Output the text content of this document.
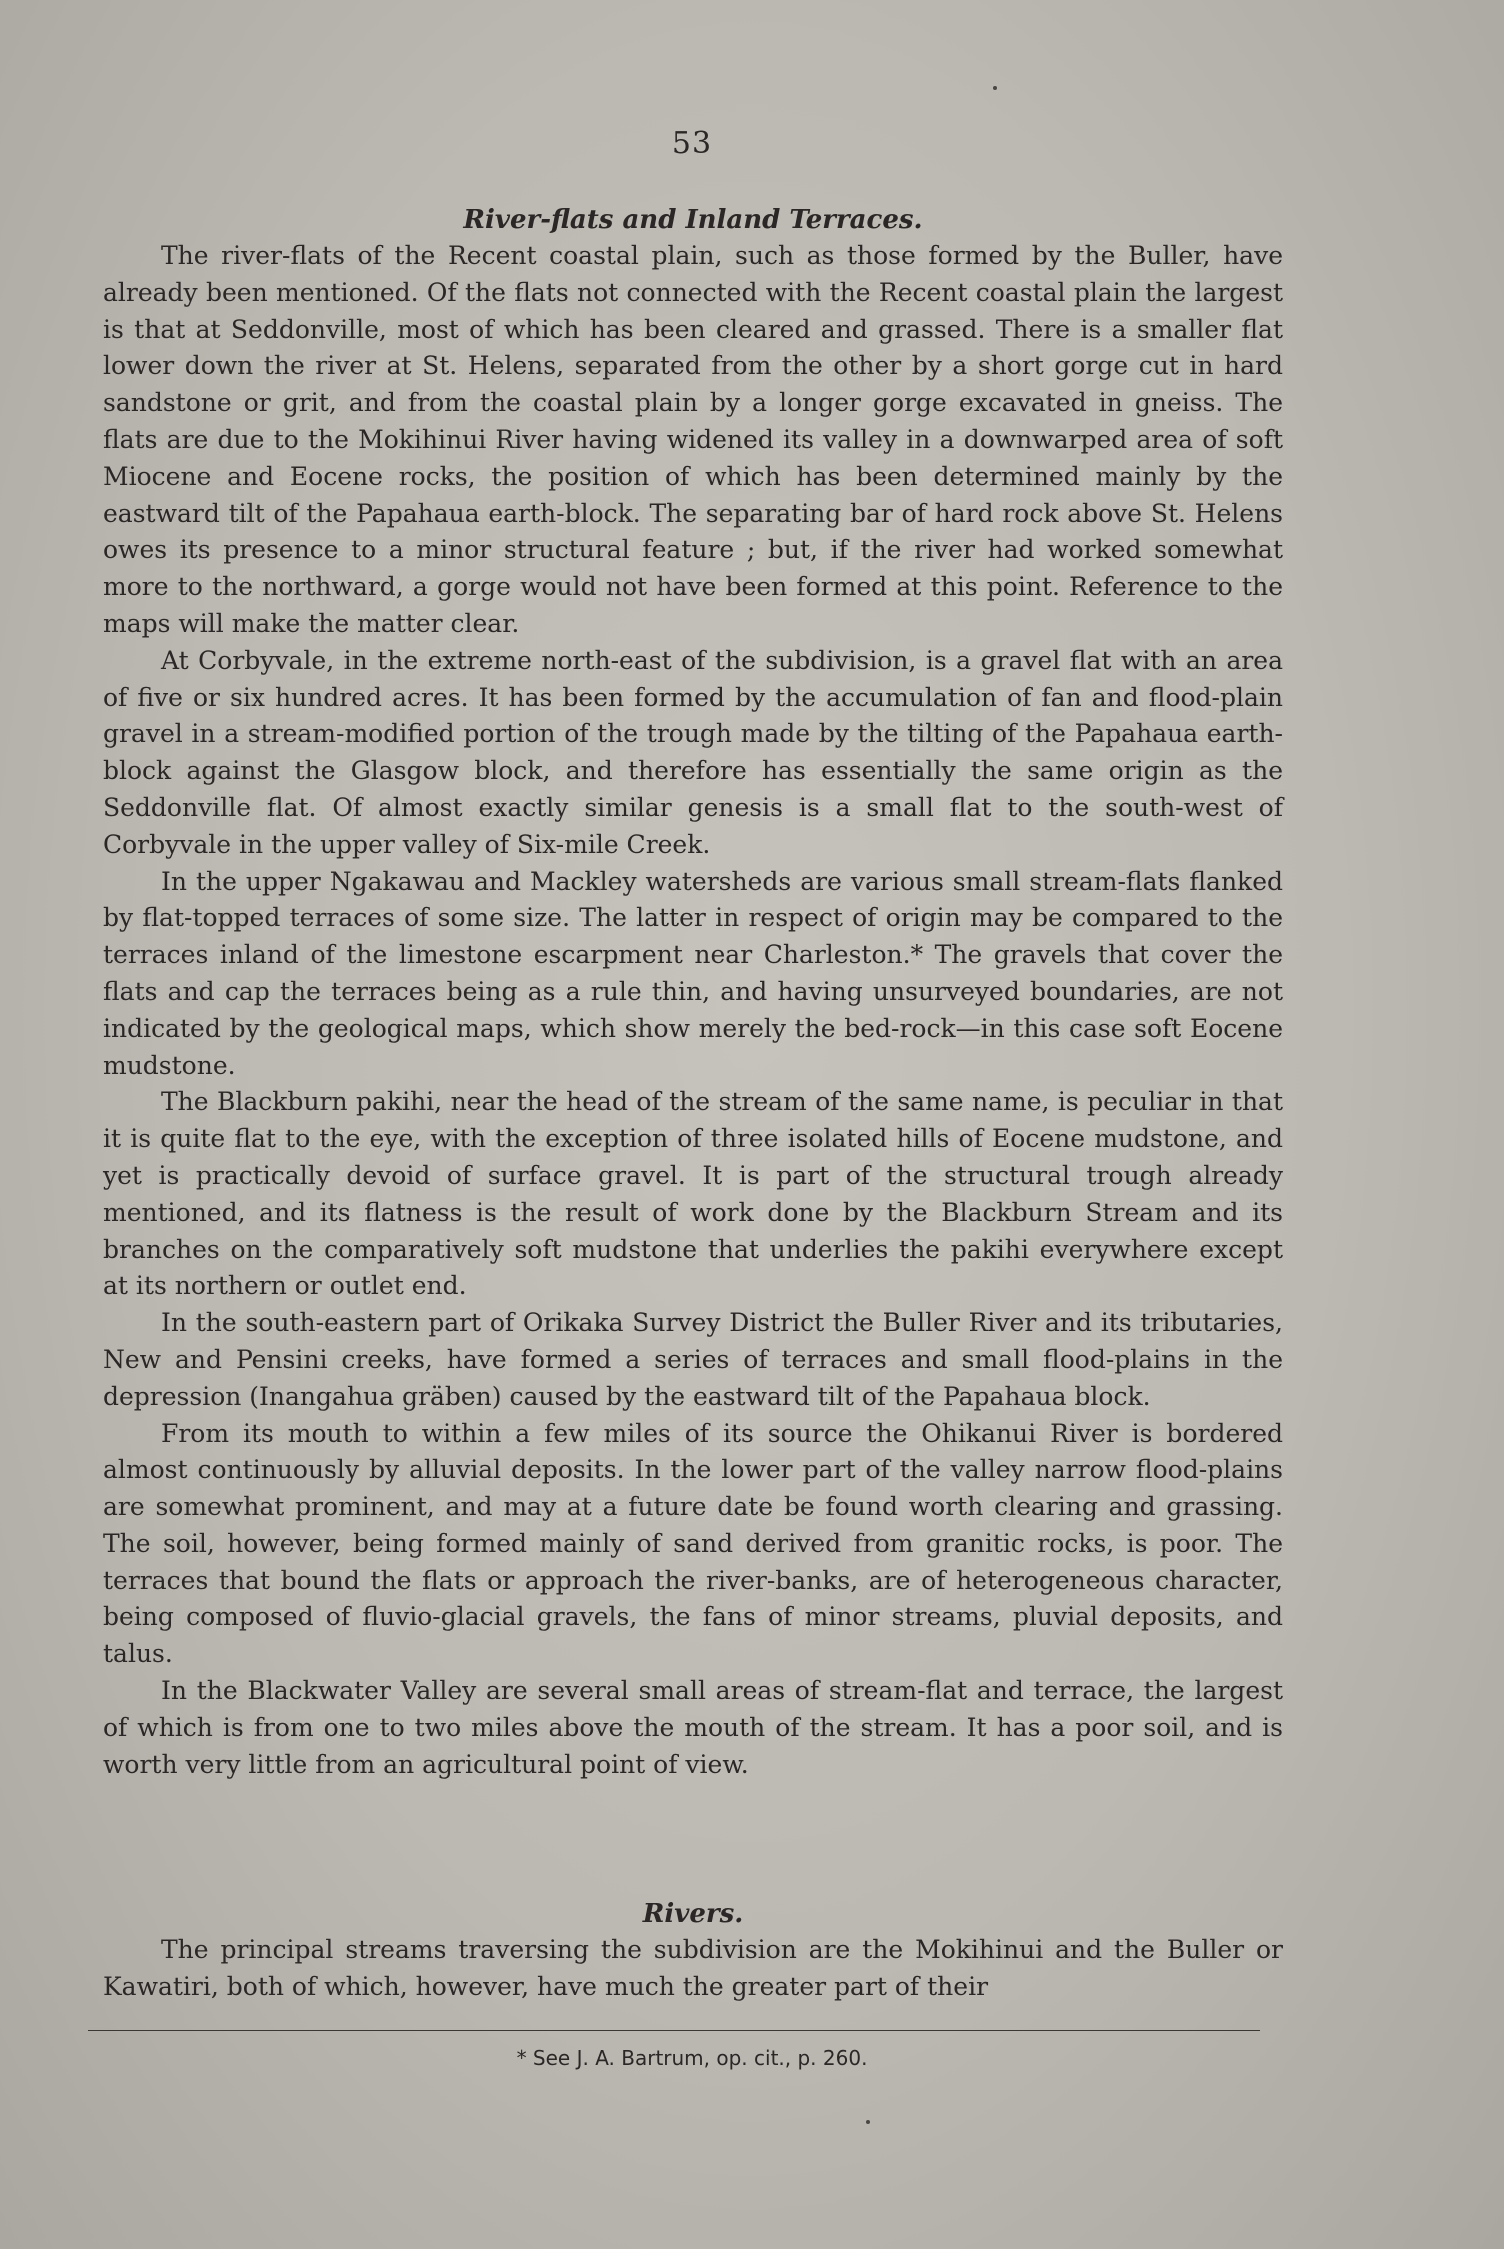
53
River-flats and Inland Terraces.

The river-flats of the Recent coastal plain, such as those formed by the Buller, have already been mentioned. Of the flats not connected with the Recent coastal plain the largest is that at Seddonville, most of which has been cleared and grassed. There is a smaller flat lower down the river at St. Helens, separated from the other by a short gorge cut in hard sandstone or grit, and from the coastal plain by a longer gorge excavated in gneiss. The flats are due to the Mokihinui River having widened its valley in a downwarped area of soft Miocene and Eocene rocks, the position of which has been determined mainly by the eastward tilt of the Papahaua earth-block. The separating bar of hard rock above St. Helens owes its presence to a minor structural feature ; but, if the river had worked somewhat more to the northward, a gorge would not have been formed at this point. Reference to the maps will make the matter clear.

At Corbyvale, in the extreme north-east of the subdivision, is a gravel flat with an area of five or six hundred acres. It has been formed by the accumulation of fan and flood-plain gravel in a stream-modified portion of the trough made by the tilting of the Papahaua earth-block against the Glasgow block, and therefore has essentially the same origin as the Seddonville flat. Of almost exactly similar genesis is a small flat to the south-west of Corbyvale in the upper valley of Six-mile Creek.

In the upper Ngakawau and Mackley watersheds are various small stream-flats flanked by flat-topped terraces of some size. The latter in respect of origin may be compared to the terraces inland of the limestone escarpment near Charleston.* The gravels that cover the flats and cap the terraces being as a rule thin, and having unsurveyed boundaries, are not indicated by the geological maps, which show merely the bed-rock—in this case soft Eocene mudstone.

The Blackburn pakihi, near the head of the stream of the same name, is peculiar in that it is quite flat to the eye, with the exception of three isolated hills of Eocene mudstone, and yet is practically devoid of surface gravel. It is part of the structural trough already mentioned, and its flatness is the result of work done by the Blackburn Stream and its branches on the comparatively soft mudstone that underlies the pakihi everywhere except at its northern or outlet end.

In the south-eastern part of Orikaka Survey District the Buller River and its tributaries, New and Pensini creeks, have formed a series of terraces and small flood-plains in the depression (Inangahua gräben) caused by the eastward tilt of the Papahaua block.

From its mouth to within a few miles of its source the Ohikanui River is bordered almost continuously by alluvial deposits. In the lower part of the valley narrow flood-plains are somewhat prominent, and may at a future date be found worth clearing and grassing. The soil, however, being formed mainly of sand derived from granitic rocks, is poor. The terraces that bound the flats or approach the river-banks, are of heterogeneous character, being composed of fluvio-glacial gravels, the fans of minor streams, pluvial deposits, and talus.

In the Blackwater Valley are several small areas of stream-flat and terrace, the largest of which is from one to two miles above the mouth of the stream. It has a poor soil, and is worth very little from an agricultural point of view.

Rivers.

The principal streams traversing the subdivision are the Mokihinui and the Buller or Kawatiri, both of which, however, have much the greater part of their

* See J. A. Bartrum, op. cit., p. 260.
